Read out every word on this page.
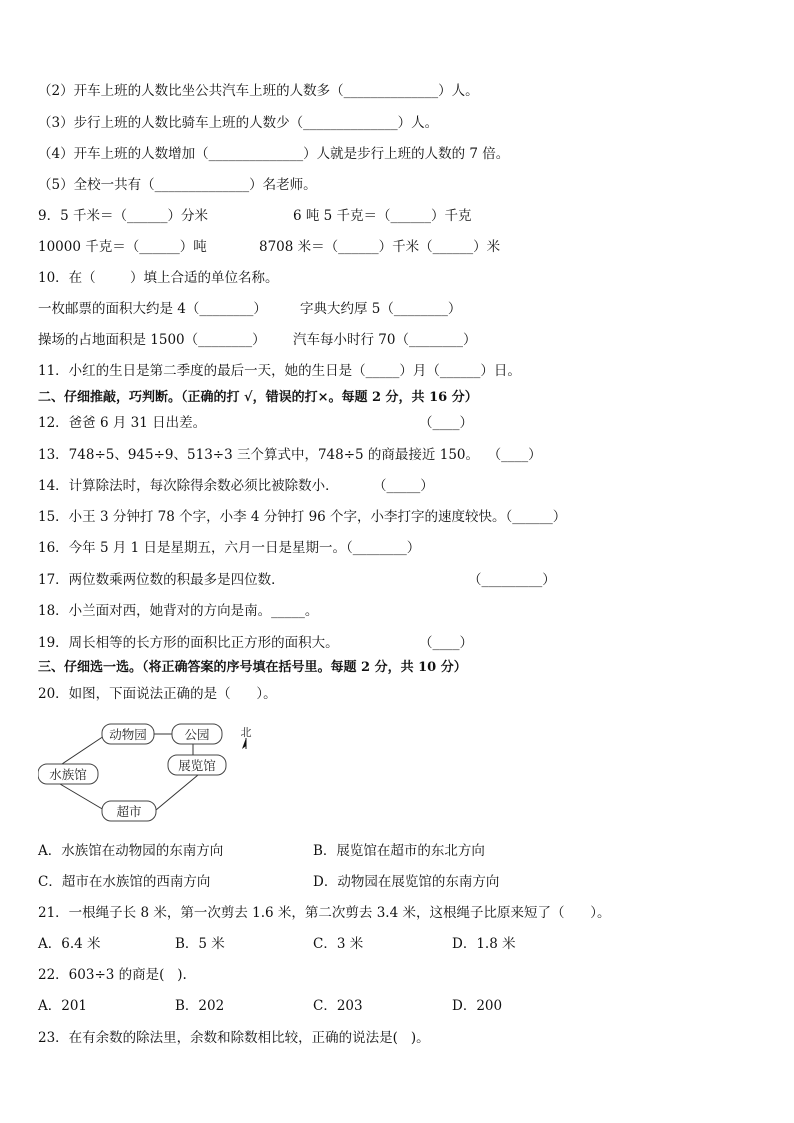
（2）开车上班的人数比坐公共汽车上班的人数多（______________）人。
（3）步行上班的人数比骑车上班的人数少（______________）人。
（4）开车上班的人数增加（______________）人就是步行上班的人数的 7 倍。
（5）全校一共有（______________）名老师。
9．5 千米＝（______）分米	6 吨 5 千克＝（______）千克
10000 千克＝（______）吨	8708 米＝（______）千米（______）米
10．在（        ）填上合适的单位名称。
一枚邮票的面积大约是 4（________） 字典大约厚 5（________）
操场的占地面积是 1500（________） 汽车每小时行 70（________）
11．小红的生日是第二季度的最后一天，她的生日是（_____）月（______）日。
二、仔细推敲，巧判断。（正确的打 √，错误的打×。每题 2 分，共 16 分）
12．爸爸 6 月 31 日出差。	（____）
13．748÷5、945÷9、513÷3 三个算式中，748÷5 的商最接近 150。  （____）
14．计算除法时，每次除得余数必须比被除数小．        （_____）
15．小王 3 分钟打 78 个字，小李 4 分钟打 96 个字，小李打字的速度较快。（______）
16．今年 5 月 1 日是星期五，六月一日是星期一。（________）
17．两位数乘两位数的积最多是四位数．	（_________）
18．小兰面对西，她背对的方向是南。_____。
19．周长相等的长方形的面积比正方形的面积大。	（____）
三、仔细选一选。（将正确答案的序号填在括号里。每题 2 分，共 10 分）
20．如图，下面说法正确的是（      ）。
动物园	公园
展览馆
水族馆
超市
北
A．水族馆在动物园的东南方向	B．展览馆在超市的东北方向
C．超市在水族馆的西南方向	D．动物园在展览馆的东南方向
21．一根绳子长 8 米，第一次剪去 1.6 米，第二次剪去 3.4 米，这根绳子比原来短了（      ）。
A．6.4 米	B．5 米	C．3 米	D．1.8 米
22．603÷3 的商是(   ).
A．201	B．202	C．203	D．200
23．在有余数的除法里，余数和除数相比较，正确的说法是(   )。
